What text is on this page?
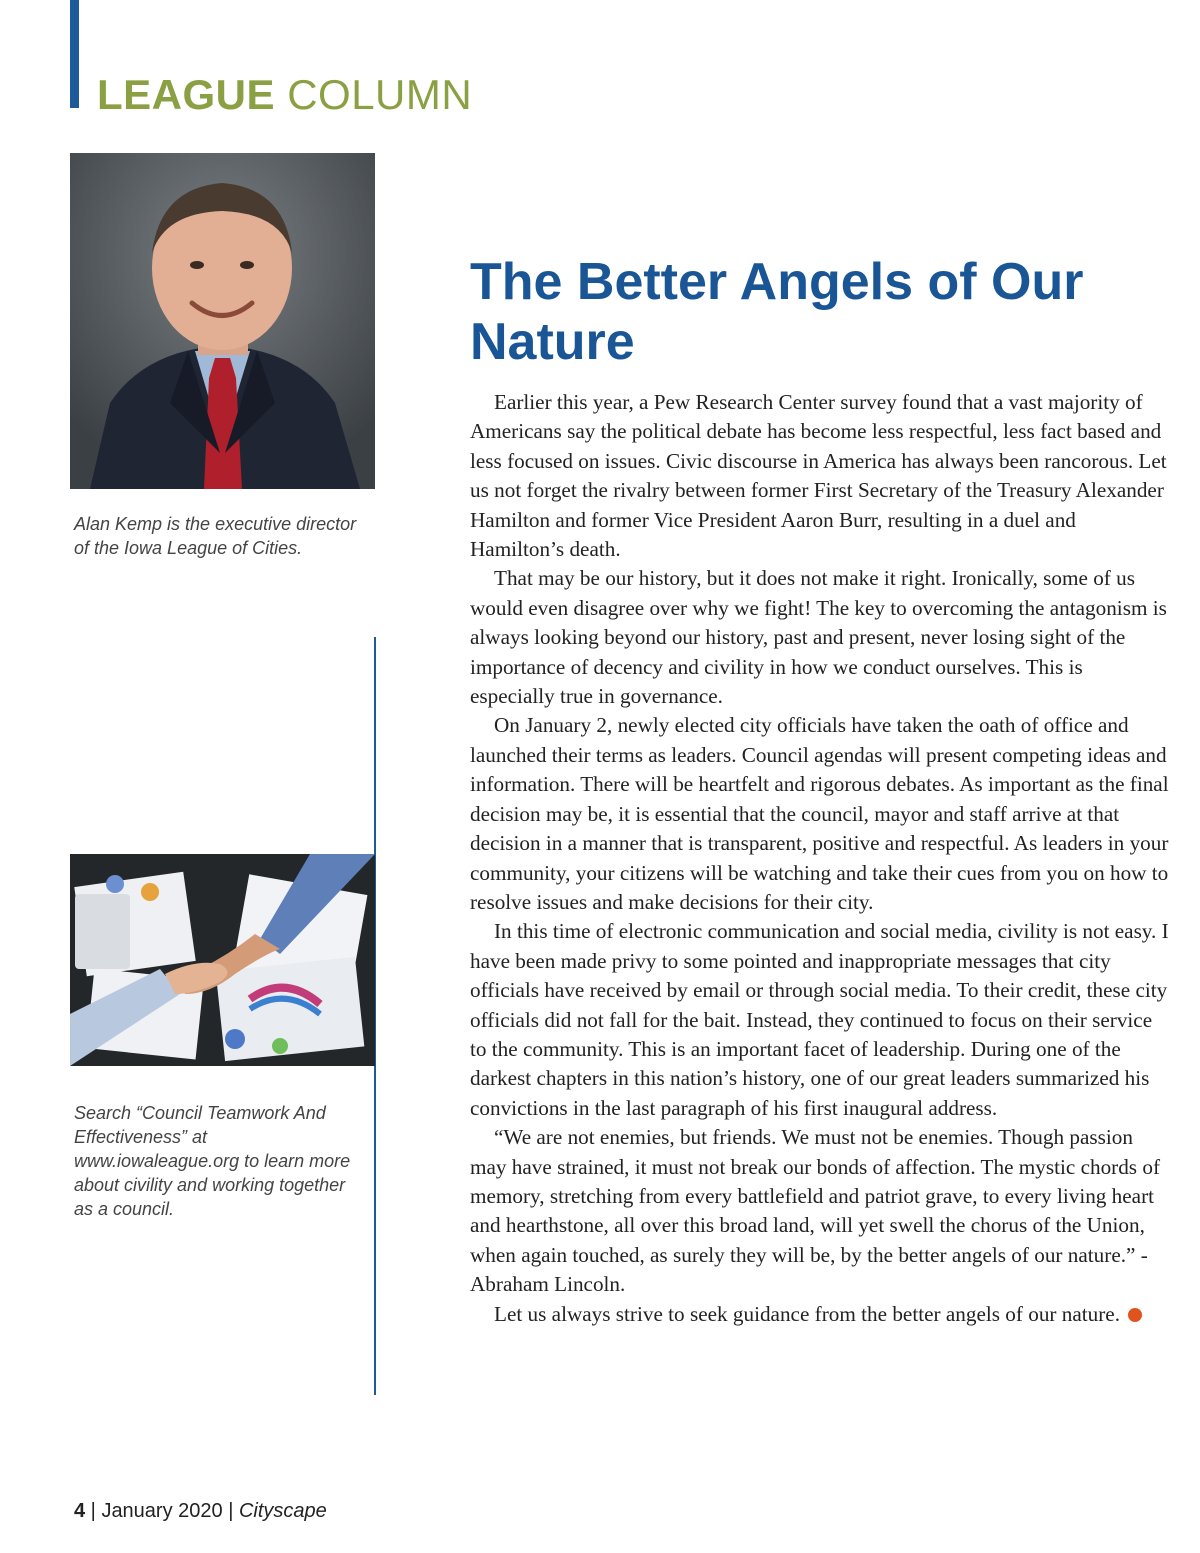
LEAGUE COLUMN

Alan Kemp is the executive director of the Iowa League of Cities.

Search “Council Teamwork And Effectiveness” at www.iowaleague.org to learn more about civility and working together as a council.

The Better Angels of Our Nature

Earlier this year, a Pew Research Center survey found that a vast majority of Americans say the political debate has become less respectful, less fact based and less focused on issues. Civic discourse in America has always been rancorous. Let us not forget the rivalry between former First Secretary of the Treasury Alexander Hamilton and former Vice President Aaron Burr, resulting in a duel and Hamilton’s death.

That may be our history, but it does not make it right. Ironically, some of us would even disagree over why we fight! The key to overcoming the antagonism is always looking beyond our history, past and present, never losing sight of the importance of decency and civility in how we conduct ourselves. This is especially true in governance.

On January 2, newly elected city officials have taken the oath of office and launched their terms as leaders. Council agendas will present competing ideas and information. There will be heartfelt and rigorous debates. As important as the final decision may be, it is essential that the council, mayor and staff arrive at that decision in a manner that is transparent, positive and respectful. As leaders in your community, your citizens will be watching and take their cues from you on how to resolve issues and make decisions for their city.

In this time of electronic communication and social media, civility is not easy. I have been made privy to some pointed and inappropriate messages that city officials have received by email or through social media. To their credit, these city officials did not fall for the bait. Instead, they continued to focus on their service to the community. This is an important facet of leadership. During one of the darkest chapters in this nation’s history, one of our great leaders summarized his convictions in the last paragraph of his first inaugural address.

“We are not enemies, but friends. We must not be enemies. Though passion may have strained, it must not break our bonds of affection. The mystic chords of memory, stretching from every battlefield and patriot grave, to every living heart and hearthstone, all over this broad land, will yet swell the chorus of the Union, when again touched, as surely they will be, by the better angels of our nature.” - Abraham Lincoln.

Let us always strive to seek guidance from the better angels of our nature.

4 | January 2020 | Cityscape
